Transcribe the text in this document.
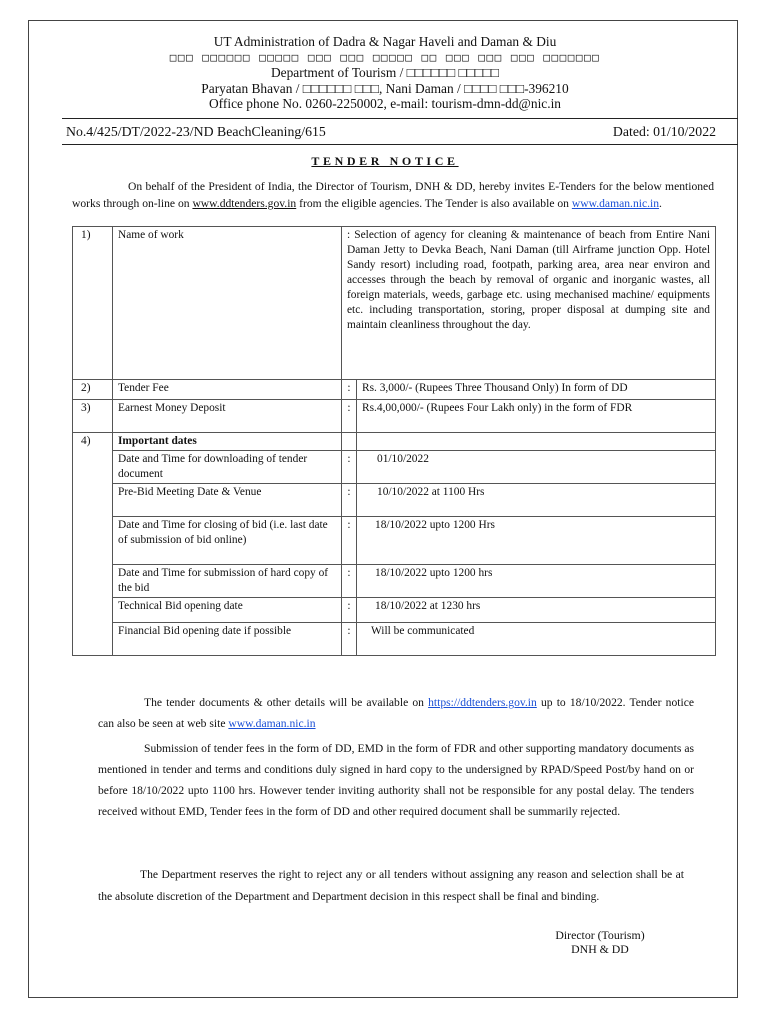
UT Administration of Dadra & Nagar Haveli and Daman & Diu
□□□ □□□□□□ □□□□□ □□□ □□□ □□□□□ □□ □□□ □□□ □□□ □□□□□□□
Department of Tourism / □□□□□□ □□□□□
Paryatan Bhavan / □□□□□□ □□□, Nani Daman / □□□□ □□□-396210
Office phone No. 0260-2250002, e-mail: tourism-dmn-dd@nic.in
No.4/425/DT/2022-23/ND BeachCleaning/615	Dated: 01/10/2022
TENDER NOTICE
On behalf of the President of India, the Director of Tourism, DNH & DD, hereby invites E-Tenders for the below mentioned works through on-line on www.ddtenders.gov.in from the eligible agencies. The Tender is also available on www.daman.nic.in.
1)	Name of work	: Selection of agency for cleaning & maintenance of beach from Entire Nani Daman Jetty to Devka Beach, Nani Daman (till Airframe junction Opp. Hotel Sandy resort) including road, footpath, parking area, area near environ and accesses through the beach by removal of organic and inorganic wastes, all foreign materials, weeds, garbage etc. using mechanised machine/ equipments etc. including transportation, storing, proper disposal at dumping site and maintain cleanliness throughout the day.	
2)	Tender Fee	:	Rs. 3,000/- (Rupees Three Thousand Only) In form of DD
3)	Earnest Money Deposit	:	Rs.4,00,000/- (Rupees Four Lakh only) in the form of FDR
4)	Important dates		
	Date and Time for downloading of tender document	:	01/10/2022
	Pre-Bid Meeting Date & Venue	:	10/10/2022 at 1100 Hrs
	Date and Time for closing of bid (i.e. last date of submission of bid online)	:	18/10/2022 upto 1200 Hrs
	Date and Time for submission of hard copy of the bid	:	18/10/2022 upto 1200 hrs
	Technical Bid opening date	:	18/10/2022 at 1230 hrs
	Financial Bid opening date if possible	:	Will be communicated
The tender documents & other details will be available on https://ddtenders.gov.in up to 18/10/2022. Tender notice can also be seen at web site www.daman.nic.in
Submission of tender fees in the form of DD, EMD in the form of FDR and other supporting mandatory documents as mentioned in tender and terms and conditions duly signed in hard copy to the undersigned by RPAD/Speed Post/by hand on or before 18/10/2022 upto 1100 hrs. However tender inviting authority shall not be responsible for any postal delay. The tenders received without EMD, Tender fees in the form of DD and other required document shall be summarily rejected.
The Department reserves the right to reject any or all tenders without assigning any reason and selection shall be at the absolute discretion of the Department and Department decision in this respect shall be final and binding.
Director (Tourism)
DNH & DD
